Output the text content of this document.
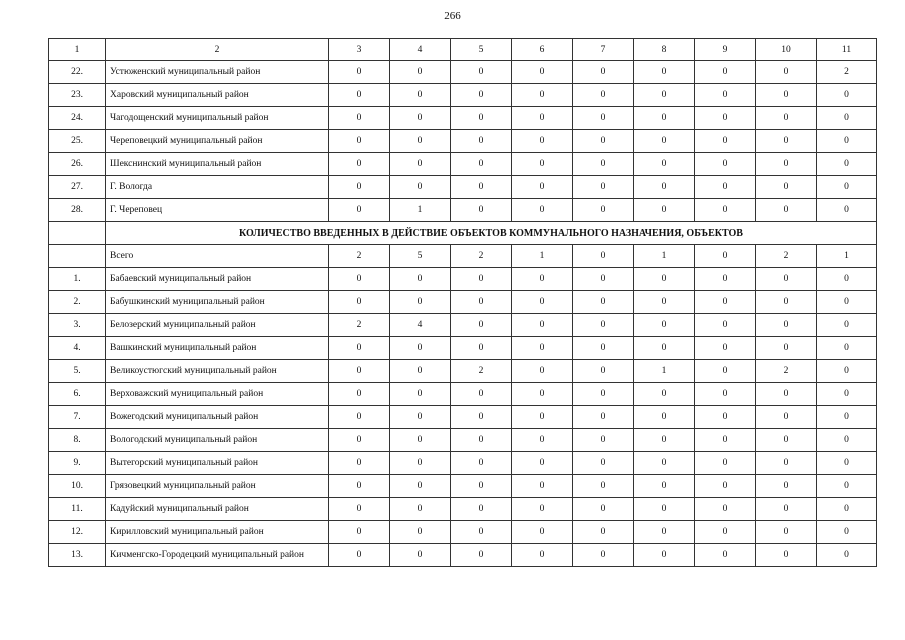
266
1	2	3	4	5	6	7	8	9	10	11
22.	Устюженский муниципальный район	0	0	0	0	0	0	0	0	2
23.	Харовский муниципальный район	0	0	0	0	0	0	0	0	0
24.	Чагодощенский муниципальный район	0	0	0	0	0	0	0	0	0
25.	Череповецкий муниципальный район	0	0	0	0	0	0	0	0	0
26.	Шекснинский муниципальный район	0	0	0	0	0	0	0	0	0
27.	Г. Вологда	0	0	0	0	0	0	0	0	0
28.	Г. Череповец	0	1	0	0	0	0	0	0	0
	КОЛИЧЕСТВО ВВЕДЕННЫХ В ДЕЙСТВИЕ ОБЪЕКТОВ КОММУНАЛЬНОГО НАЗНАЧЕНИЯ, ОБЪЕКТОВ									
	Всего	2	5	2	1	0	1	0	2	1
1.	Бабаевский муниципальный район	0	0	0	0	0	0	0	0	0
2.	Бабушкинский муниципальный район	0	0	0	0	0	0	0	0	0
3.	Белозерский муниципальный район	2	4	0	0	0	0	0	0	0
4.	Вашкинский муниципальный район	0	0	0	0	0	0	0	0	0
5.	Великоустюгский муниципальный район	0	0	2	0	0	1	0	2	0
6.	Верховажский муниципальный район	0	0	0	0	0	0	0	0	0
7.	Вожегодский муниципальный район	0	0	0	0	0	0	0	0	0
8.	Вологодский муниципальный район	0	0	0	0	0	0	0	0	0
9.	Вытегорский муниципальный район	0	0	0	0	0	0	0	0	0
10.	Грязовецкий муниципальный район	0	0	0	0	0	0	0	0	0
11.	Кадуйский муниципальный район	0	0	0	0	0	0	0	0	0
12.	Кирилловский муниципальный район	0	0	0	0	0	0	0	0	0
13.	Кичменгско-Городецкий муниципальный район	0	0	0	0	0	0	0	0	0
